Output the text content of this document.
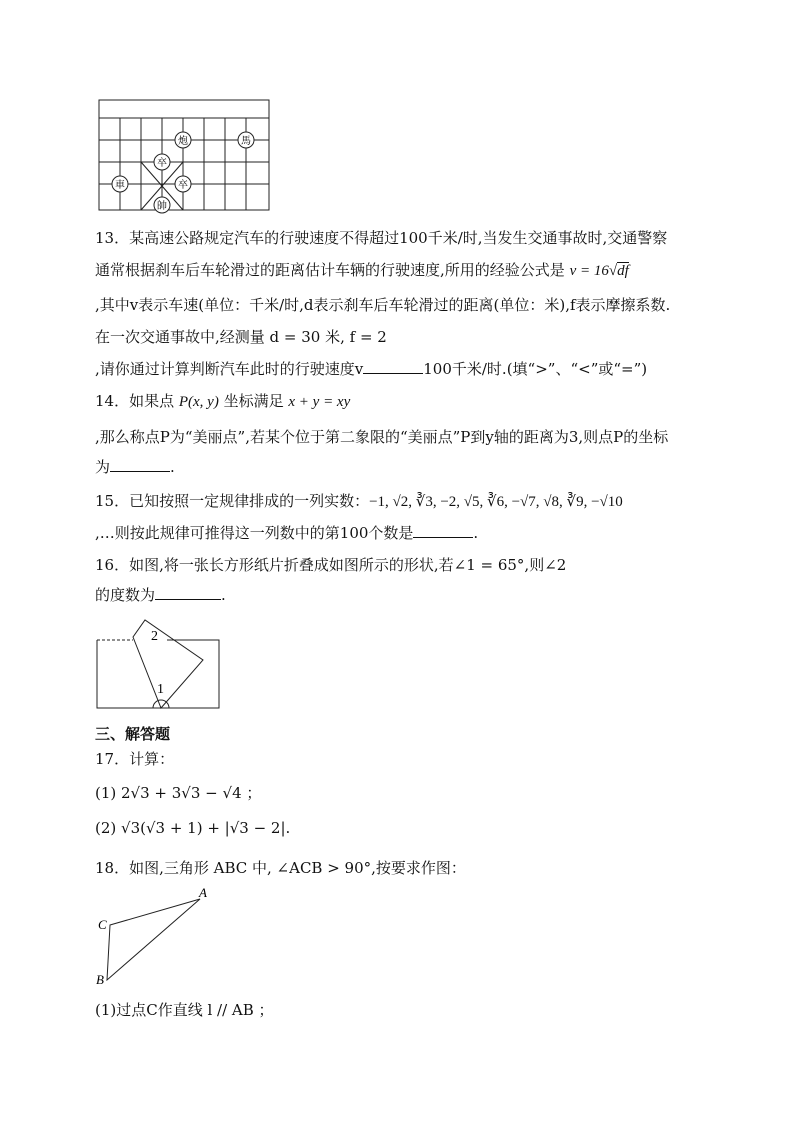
炮	馬
卒
卒
車
帥
13．某高速公路规定汽车的行驶速度不得超过100千米/时,当发生交通事故时,交通警察
通常根据刹车后车轮滑过的距离估计车辆的行驶速度,所用的经验公式是 v = 16√df
,其中v表示车速(单位：千米/时,d表示刹车后车轮滑过的距离(单位：米),f表示摩擦系数.
在一次交通事故中,经测量 d = 30 米, f = 2
,请你通过计算判断汽车此时的行驶速度v	100千米/时.(填“>”、“<”或“=”)
14．如果点 P(x, y) 坐标满足 x + y = xy
,那么称点P为“美丽点”,若某个位于第二象限的“美丽点”P到y轴的距离为3,则点P的坐标
为	.
15．已知按照一定规律排成的一列实数：−1, √2, ∛3, −2, √5, ∛6, −√7, √8, ∛9, −√10
,…则按此规律可推得这一列数中的第100个数是	.
16．如图,将一张长方形纸片折叠成如图所示的形状,若∠1 = 65°,则∠2
的度数为	.
2
1
三、解答题
17．计算：
(1) 2√3 + 3√3 − √4 ；
(2) √3(√3 + 1) + |√3 − 2|.
18．如图,三角形 ABC 中, ∠ACB > 90°,按要求作图：
A
C
B
(1)过点C作直线 l // AB ；
